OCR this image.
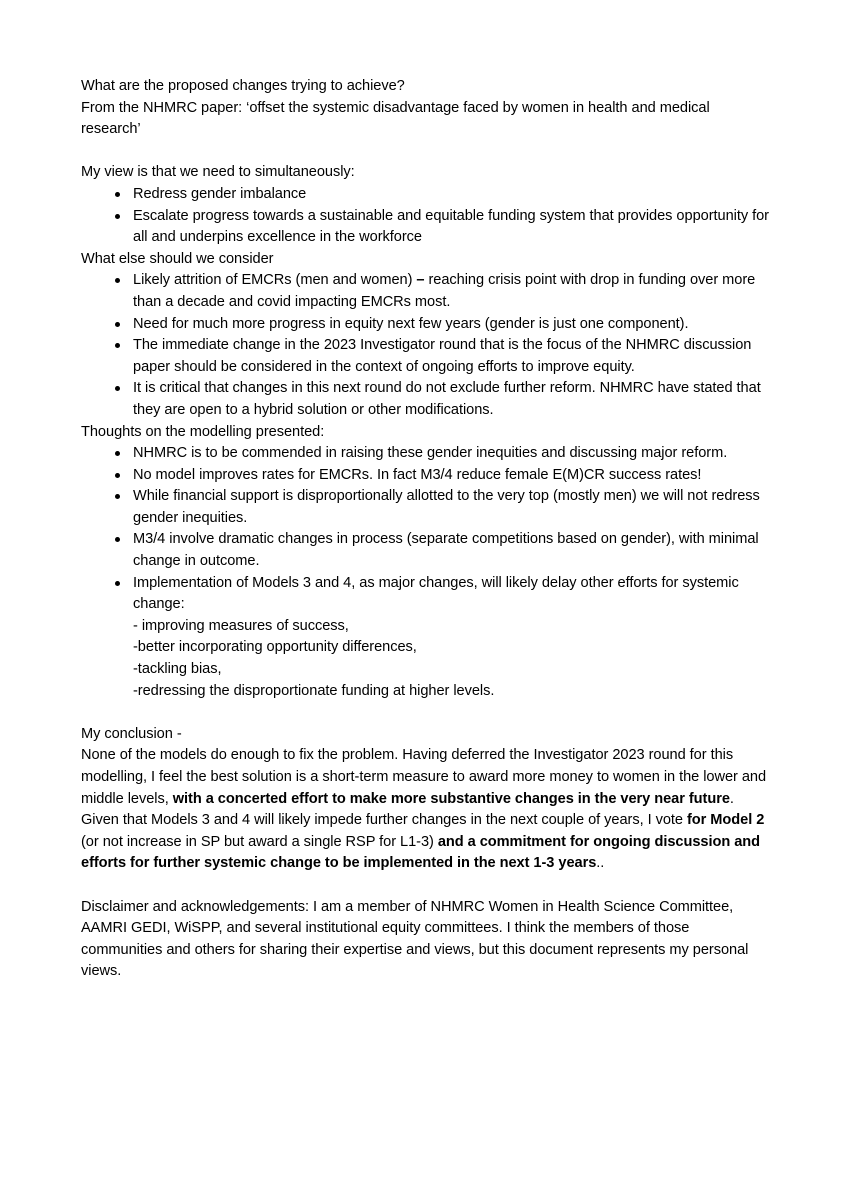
What are the proposed changes trying to achieve?

From the NHMRC paper: ‘offset the systemic disadvantage faced by women in health and medical research’

My view is that we need to simultaneously:

Redress gender imbalance
Escalate progress towards a sustainable and equitable funding system that provides opportunity for all and underpins excellence in the workforce

What else should we consider

Likely attrition of EMCRs (men and women) – reaching crisis point with drop in funding over more than a decade and covid impacting EMCRs most.
Need for much more progress in equity next few years (gender is just one component).
The immediate change in the 2023 Investigator round that is the focus of the NHMRC discussion paper should be considered in the context of ongoing efforts to improve equity.
It is critical that changes in this next round do not exclude further reform. NHMRC have stated that they are open to a hybrid solution or other modifications.

Thoughts on the modelling presented:

NHMRC is to be commended in raising these gender inequities and discussing major reform.
No model improves rates for EMCRs. In fact M3/4 reduce female E(M)CR success rates!
While financial support is disproportionally allotted to the very top (mostly men) we will not redress gender inequities.
M3/4 involve dramatic changes in process (separate competitions based on gender), with minimal change in outcome.
Implementation of Models 3 and 4, as major changes, will likely delay other efforts for systemic change:
- improving measures of success,
-better incorporating opportunity differences,
-tackling bias,
-redressing the disproportionate funding at higher levels.

My conclusion -

None of the models do enough to fix the problem. Having deferred the Investigator 2023 round for this modelling, I feel the best solution is a short-term measure to award more money to women in the lower and middle levels, with a concerted effort to make more substantive changes in the very near future. Given that Models 3 and 4 will likely impede further changes in the next couple of years, I vote for Model 2 (or not increase in SP but award a single RSP for L1-3) and a commitment for ongoing discussion and efforts for further systemic change to be implemented in the next 1-3 years..

Disclaimer and acknowledgements: I am a member of NHMRC Women in Health Science Committee, AAMRI GEDI, WiSPP, and several institutional equity committees. I think the members of those communities and others for sharing their expertise and views, but this document represents my personal views.
